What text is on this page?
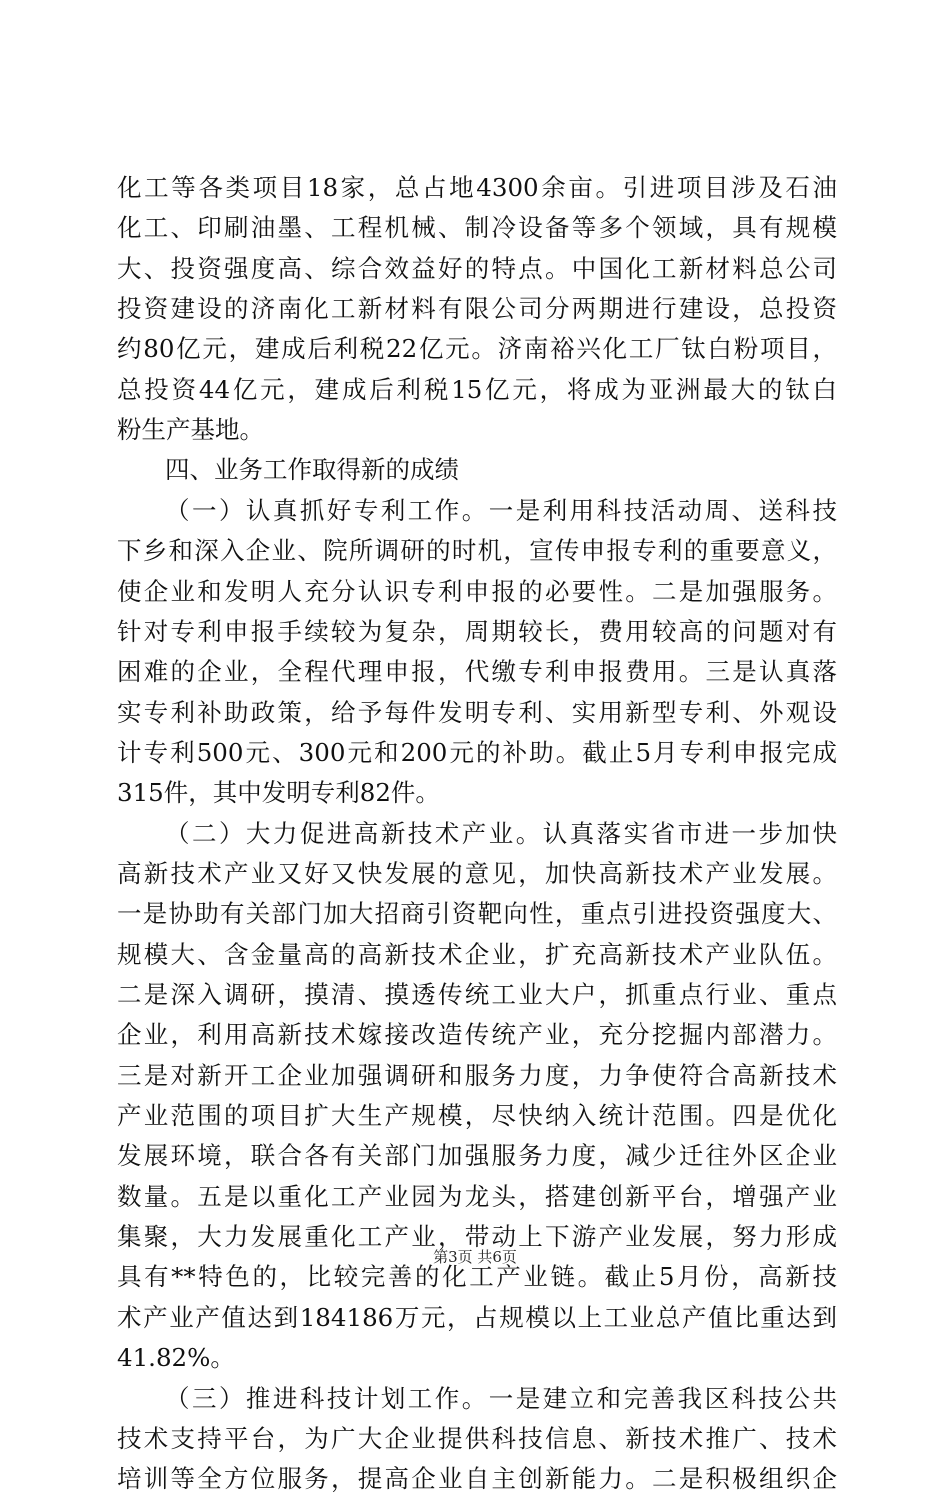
化工等各类项目18家，总占地4300余亩。引进项目涉及石油
化工、印刷油墨、工程机械、制冷设备等多个领域，具有规模
大、投资强度高、综合效益好的特点。中国化工新材料总公司
投资建设的济南化工新材料有限公司分两期进行建设，总投资
约80亿元，建成后利税22亿元。济南裕兴化工厂钛白粉项目，
总投资44亿元，建成后利税15亿元，将成为亚洲最大的钛白
粉生产基地。
四、业务工作取得新的成绩
（一）认真抓好专利工作。一是利用科技活动周、送科技
下乡和深入企业、院所调研的时机，宣传申报专利的重要意义，
使企业和发明人充分认识专利申报的必要性。二是加强服务。
针对专利申报手续较为复杂，周期较长，费用较高的问题对有
困难的企业，全程代理申报，代缴专利申报费用。三是认真落
实专利补助政策，给予每件发明专利、实用新型专利、外观设
计专利500元、300元和200元的补助。截止5月专利申报完成
315件，其中发明专利82件。
（二）大力促进高新技术产业。认真落实省市进一步加快
高新技术产业又好又快发展的意见，加快高新技术产业发展。
一是协助有关部门加大招商引资靶向性，重点引进投资强度大、
规模大、含金量高的高新技术企业，扩充高新技术产业队伍。
二是深入调研，摸清、摸透传统工业大户，抓重点行业、重点
企业，利用高新技术嫁接改造传统产业，充分挖掘内部潜力。
三是对新开工企业加强调研和服务力度，力争使符合高新技术
产业范围的项目扩大生产规模，尽快纳入统计范围。四是优化
发展环境，联合各有关部门加强服务力度，减少迁往外区企业
数量。五是以重化工产业园为龙头，搭建创新平台，增强产业
集聚，大力发展重化工产业，带动上下游产业发展，努力形成
具有**特色的，比较完善的化工产业链。截止5月份，高新技
术产业产值达到184186万元，占规模以上工业总产值比重达到
41.82%。
（三）推进科技计划工作。一是建立和完善我区科技公共
技术支持平台，为广大企业提供科技信息、新技术推广、技术
培训等全方位服务，提高企业自主创新能力。二是积极组织企
第3页 共6页
